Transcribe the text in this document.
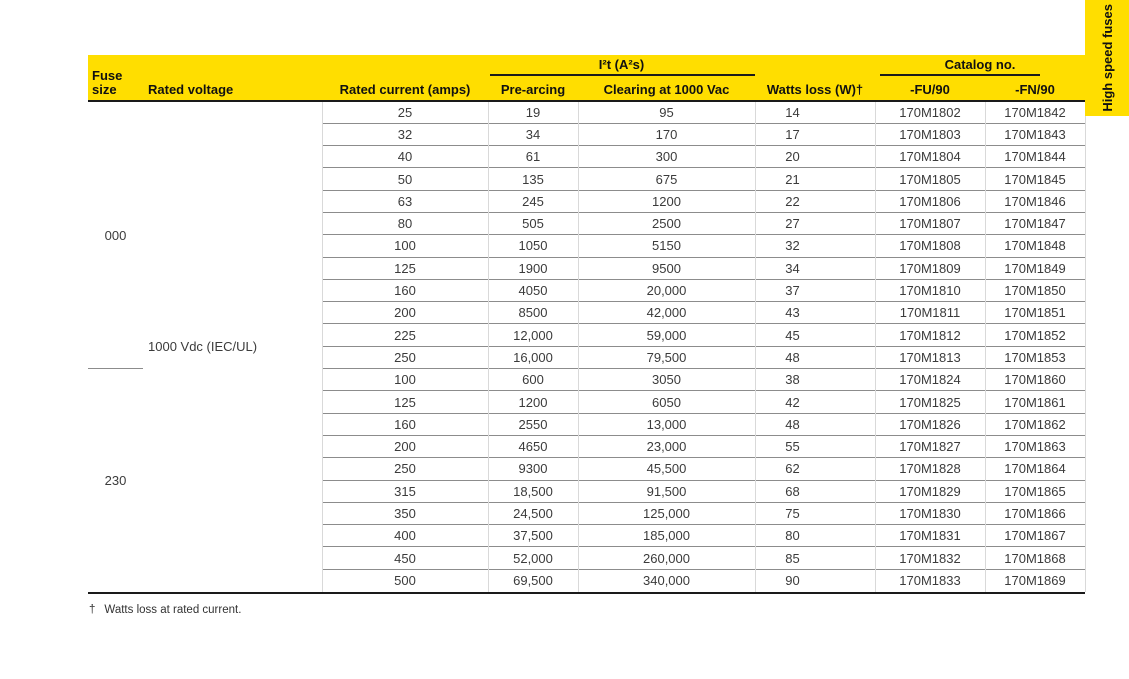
Fuse size	Rated voltage	Rated current (amps)	I²t (A²s)		Watts loss (W)†	Catalog no.	

			Pre-arcing	Clearing at 1000 Vac		-FU/90	-FN/90
000	1000 Vdc (IEC/UL)	25	19	95	14	170M1802	170M1842
		32	34	170	17	170M1803	170M1843
		40	61	300	20	170M1804	170M1844
		50	135	675	21	170M1805	170M1845
		63	245	1200	22	170M1806	170M1846
		80	505	2500	27	170M1807	170M1847
		100	1050	5150	32	170M1808	170M1848
		125	1900	9500	34	170M1809	170M1849
		160	4050	20,000	37	170M1810	170M1850
		200	8500	42,000	43	170M1811	170M1851
		225	12,000	59,000	45	170M1812	170M1852
		250	16,000	79,500	48	170M1813	170M1853
230		100	600	3050	38	170M1824	170M1860
		125	1200	6050	42	170M1825	170M1861
		160	2550	13,000	48	170M1826	170M1862
		200	4650	23,000	55	170M1827	170M1863
		250	9300	45,500	62	170M1828	170M1864
		315	18,500	91,500	68	170M1829	170M1865
		350	24,500	125,000	75	170M1830	170M1866
		400	37,500	185,000	80	170M1831	170M1867
		450	52,000	260,000	85	170M1832	170M1868
		500	69,500	340,000	90	170M1833	170M1869
High speed fuses
† Watts loss at rated current.
